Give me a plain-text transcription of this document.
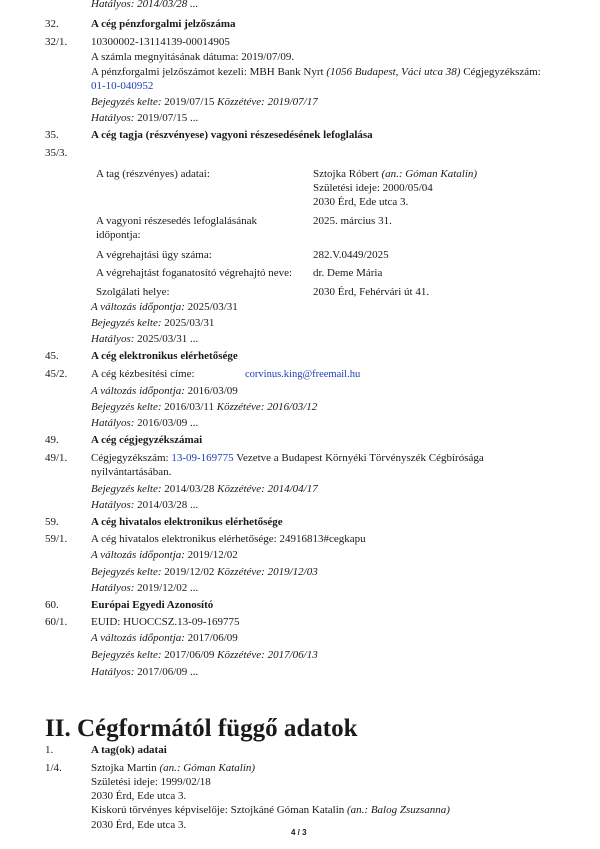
Hatályos: 2014/03/28 ...
32.	A cég pénzforgalmi jelzőszáma
32/1. 10300002-13114139-00014905
A számla megnyitásának dátuma: 2019/07/09.
A pénzforgalmi jelzőszámot kezeli: MBH Bank Nyrt (1056 Budapest, Váci utca 38) Cégjegyzékszám:
01-10-040952
Bejegyzés kelte: 2019/07/15 Közzétéve: 2019/07/17
Hatályos: 2019/07/15 ...
35.	A cég tagja (részvényese) vagyoni részesedésének lefoglalása
35/3.
A tag (részvényes) adatai:	Sztojka Róbert (an.: Góman Katalin)
Születési ideje: 2000/05/04
2030 Érd, Ede utca 3.
A vagyoni részesedés lefoglalásának
időpontja:
2025. március 31.
A végrehajtási ügy száma:	282.V.0449/2025
A végrehajtást foganatosító végrehajtó neve: dr. Deme Mária
Szolgálati helye:	2030 Érd, Fehérvári út 41.
A változás időpontja: 2025/03/31
Bejegyzés kelte: 2025/03/31
Hatályos: 2025/03/31 ...
45.	A cég elektronikus elérhetősége
45/2. A cég kézbesítési címe:	corvinus.king@freemail.hu
A változás időpontja: 2016/03/09
Bejegyzés kelte: 2016/03/11 Közzétéve: 2016/03/12
Hatályos: 2016/03/09 ...
49.	A cég cégjegyzékszámai
49/1. Cégjegyzékszám: 13-09-169775 Vezetve a Budapest Környéki Törvényszék Cégbírósága
nyilvántartásában.
Bejegyzés kelte: 2014/03/28 Közzétéve: 2014/04/17
Hatályos: 2014/03/28 ...
59.	A cég hivatalos elektronikus elérhetősége
59/1. A cég hivatalos elektronikus elérhetősége: 24916813#cegkapu
A változás időpontja: 2019/12/02
Bejegyzés kelte: 2019/12/02 Közzétéve: 2019/12/03
Hatályos: 2019/12/02 ...
60.	Európai Egyedi Azonosító
60/1. EUID: HUOCCSZ.13-09-169775
A változás időpontja: 2017/06/09
Bejegyzés kelte: 2017/06/09 Közzétéve: 2017/06/13
Hatályos: 2017/06/09 ...
II. Cégformától függő adatok
1.	A tag(ok) adatai
1/4.	Sztojka Martin (an.: Góman Katalin)
Születési ideje: 1999/02/18
2030 Érd, Ede utca 3.
Kiskorú törvényes képviselője: Sztojkáné Góman Katalin (an.: Balog Zsuzsanna)
2030 Érd, Ede utca 3.
4 / 3
